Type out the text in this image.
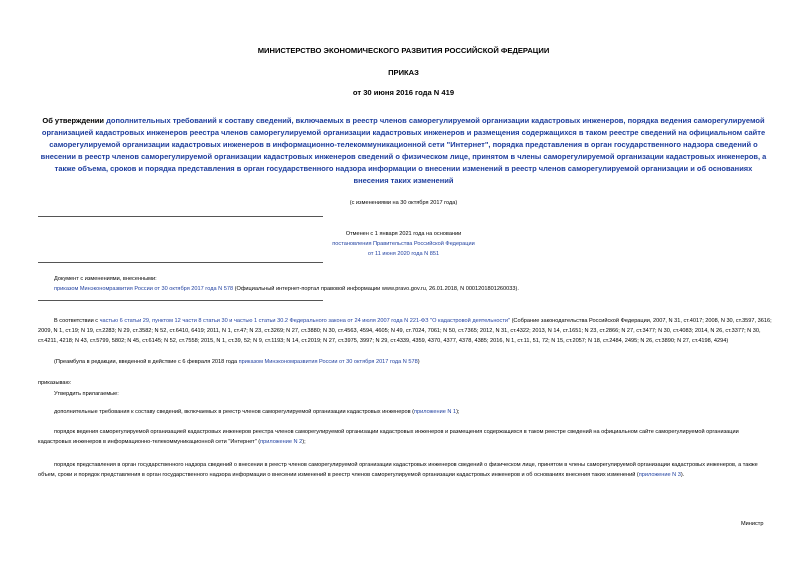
МИНИСТЕРСТВО ЭКОНОМИЧЕСКОГО РАЗВИТИЯ РОССИЙСКОЙ ФЕДЕРАЦИИ
ПРИКАЗ
от 30 июня 2016 года N 419
Об утверждении дополнительных требований к составу сведений, включаемых в реестр членов саморегулируемой организации кадастровых инженеров, порядка ведения саморегулируемой организацией кадастровых инженеров реестра членов саморегулируемой организации кадастровых инженеров и размещения содержащихся в таком реестре сведений на официальном сайте саморегулируемой организации кадастровых инженеров в информационно-телекоммуникационной сети "Интернет", порядка представления в орган государственного надзора сведений о внесении в реестр членов саморегулируемой организации кадастровых инженеров сведений о физическом лице, принятом в члены саморегулируемой организации кадастровых инженеров, а также объема, сроков и порядка представления в орган государственного надзора информации о внесении изменений в реестр членов саморегулируемой организации и об основаниях внесения таких изменений
(с изменениями на 30 октября 2017 года)
Отменен с 1 января 2021 года на основании
постановления Правительства Российской Федерации
от 11 июня 2020 года N 851
Документ с изменениями, внесенными:
приказом Минэкономразвития России от 30 октября 2017 года N 578 (Официальный интернет-портал правовой информации www.pravo.gov.ru, 26.01.2018, N 0001201801260033).
В соответствии с частью 6 статьи 29, пунктом 12 части 8 статьи 30 и частью 1 статьи 30.2 Федерального закона от 24 июля 2007 года N 221-ФЗ "О кадастровой деятельности" (Собрание законодательства Российской Федерации, 2007, N 31, ст.4017; 2008, N 30, ст.3597, 3616; 2009, N 1, ст.19; N 19, ст.2283; N 29, ст.3582; N 52, ст.6410, 6419; 2011, N 1, ст.47; N 23, ст.3269; N 27, ст.3880; N 30, ст.4563, 4594, 4605; N 49, ст.7024, 7061; N 50, ст.7365; 2012, N 31, ст.4322; 2013, N 14, ст.1651; N 23, ст.2866; N 27, ст.3477; N 30, ст.4083; 2014, N 26, ст.3377; N 30, ст.4211, 4218; N 43, ст.5799, 5802; N 45, ст.6145; N 52, ст.7558; 2015, N 1, ст.39, 52; N 9, ст.1193; N 14, ст.2019; N 27, ст.3975, 3997; N 29, ст.4339, 4359, 4370, 4377, 4378, 4385; 2016, N 1, ст.11, 51, 72; N 15, ст.2057; N 18, ст.2484, 2495; N 26, ст.3890; N 27, ст.4198, 4294)
(Преамбула в редакции, введенной в действие с 6 февраля 2018 года приказом Минэкономразвития России от 30 октября 2017 года N 578)
приказываю:
Утвердить прилагаемые:
дополнительные требования к составу сведений, включаемых в реестр членов саморегулируемой организации кадастровых инженеров (приложение N 1);
порядок ведения саморегулируемой организацией кадастровых инженеров реестра членов саморегулируемой организации кадастровых инженеров и размещения содержащихся в таком реестре сведений на официальном сайте саморегулируемой организации кадастровых инженеров в информационно-телекоммуникационной сети "Интернет" (приложение N 2);
порядок представления в орган государственного надзора сведений о внесении в реестр членов саморегулируемой организации кадастровых инженеров сведений о физическом лице, принятом в члены саморегулируемой организации кадастровых инженеров, а также объем, сроки и порядок представления в орган государственного надзора информации о внесении изменений в реестр членов саморегулируемой организации кадастровых инженеров и об основаниях внесения таких изменений (приложение N 3).
Министр
